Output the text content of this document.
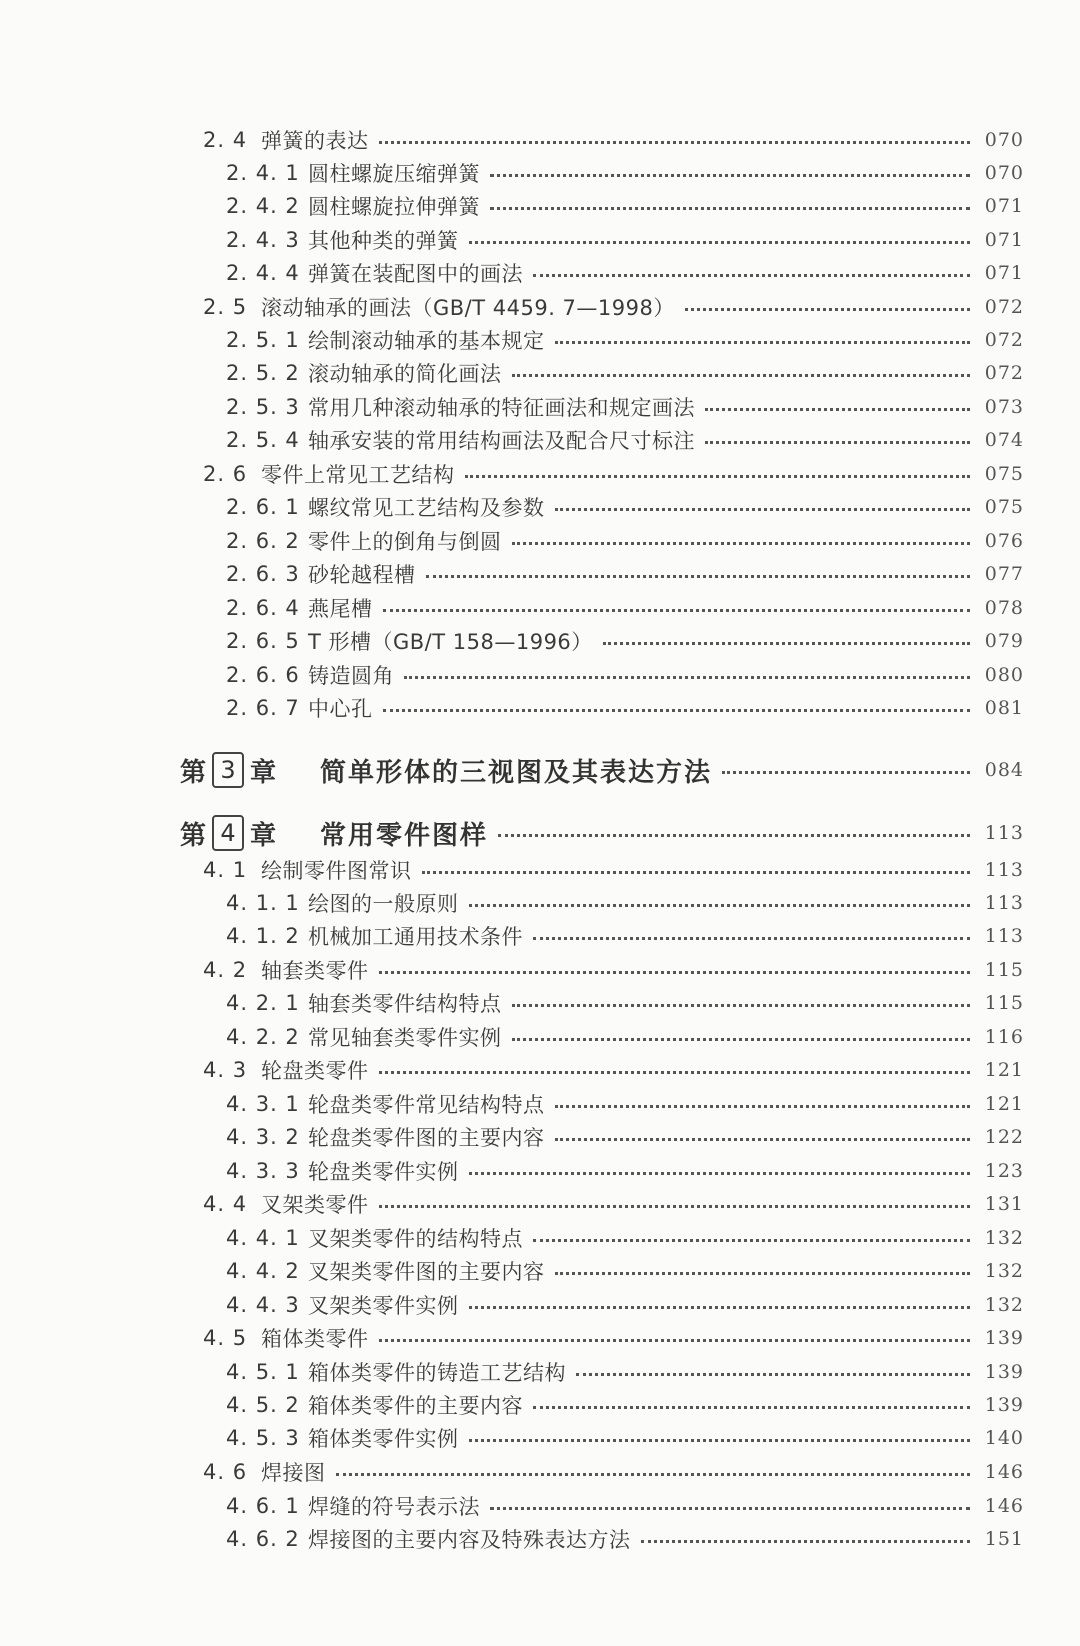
2. 4 弹簧的表达	070
2. 4. 1 圆柱螺旋压缩弹簧	070
2. 4. 2 圆柱螺旋拉伸弹簧	071
2. 4. 3 其他种类的弹簧	071
2. 4. 4 弹簧在装配图中的画法	071
2. 5 滚动轴承的画法（GB/T 4459. 7—1998）	072
2. 5. 1 绘制滚动轴承的基本规定	072
2. 5. 2 滚动轴承的简化画法	072
2. 5. 3 常用几种滚动轴承的特征画法和规定画法	073
2. 5. 4 轴承安装的常用结构画法及配合尺寸标注	074
2. 6 零件上常见工艺结构	075
2. 6. 1 螺纹常见工艺结构及参数	075
2. 6. 2 零件上的倒角与倒圆	076
2. 6. 3 砂轮越程槽	077
2. 6. 4 燕尾槽	078
2. 6. 5 T 形槽（GB/T 158—1996）	079
2. 6. 6 铸造圆角	080
2. 6. 7 中心孔	081
第 3 章 简单形体的三视图及其表达方法	084
第 4 章 常用零件图样	113
4. 1 绘制零件图常识	113
4. 1. 1 绘图的一般原则	113
4. 1. 2 机械加工通用技术条件	113
4. 2 轴套类零件	115
4. 2. 1 轴套类零件结构特点	115
4. 2. 2 常见轴套类零件实例	116
4. 3 轮盘类零件	121
4. 3. 1 轮盘类零件常见结构特点	121
4. 3. 2 轮盘类零件图的主要内容	122
4. 3. 3 轮盘类零件实例	123
4. 4 叉架类零件	131
4. 4. 1 叉架类零件的结构特点	132
4. 4. 2 叉架类零件图的主要内容	132
4. 4. 3 叉架类零件实例	132
4. 5 箱体类零件	139
4. 5. 1 箱体类零件的铸造工艺结构	139
4. 5. 2 箱体类零件的主要内容	139
4. 5. 3 箱体类零件实例	140
4. 6 焊接图	146
4. 6. 1 焊缝的符号表示法	146
4. 6. 2 焊接图的主要内容及特殊表达方法	151
